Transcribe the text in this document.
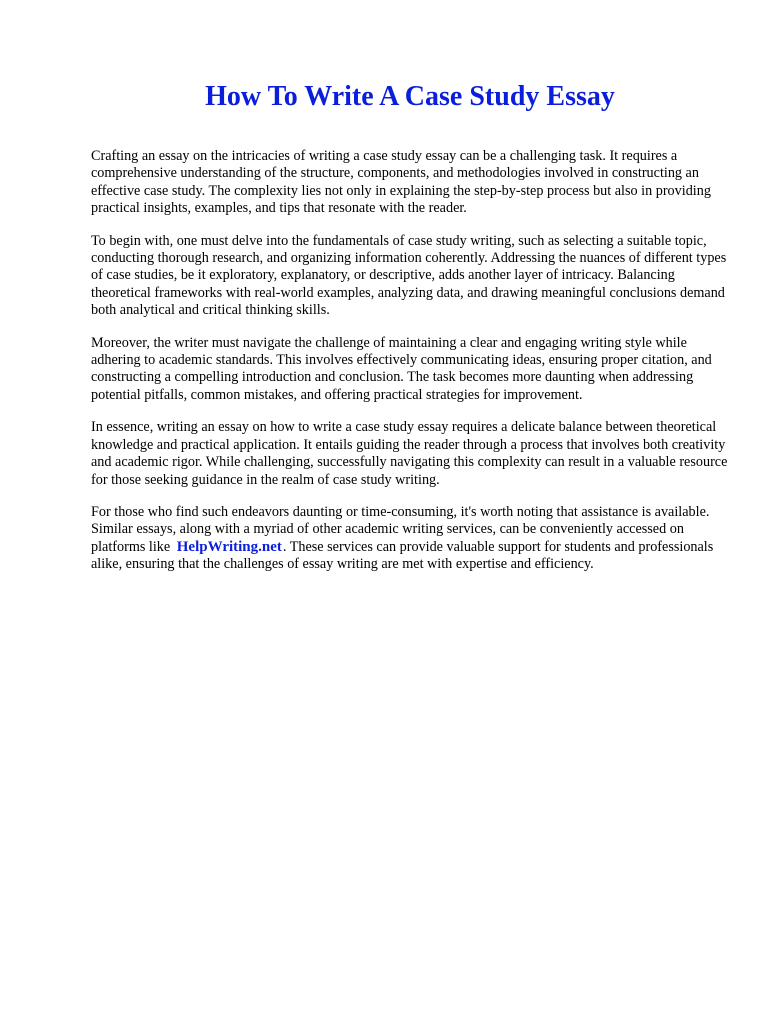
How To Write A Case Study Essay

Crafting an essay on the intricacies of writing a case study essay can be a challenging task. It requires a comprehensive understanding of the structure, components, and methodologies involved in constructing an effective case study. The complexity lies not only in explaining the step-by-step process but also in providing practical insights, examples, and tips that resonate with the reader.

To begin with, one must delve into the fundamentals of case study writing, such as selecting a suitable topic, conducting thorough research, and organizing information coherently. Addressing the nuances of different types of case studies, be it exploratory, explanatory, or descriptive, adds another layer of intricacy. Balancing theoretical frameworks with real-world examples, analyzing data, and drawing meaningful conclusions demand both analytical and critical thinking skills.

Moreover, the writer must navigate the challenge of maintaining a clear and engaging writing style while adhering to academic standards. This involves effectively communicating ideas, ensuring proper citation, and constructing a compelling introduction and conclusion. The task becomes more daunting when addressing potential pitfalls, common mistakes, and offering practical strategies for improvement.

In essence, writing an essay on how to write a case study essay requires a delicate balance between theoretical knowledge and practical application. It entails guiding the reader through a process that involves both creativity and academic rigor. While challenging, successfully navigating this complexity can result in a valuable resource for those seeking guidance in the realm of case study writing.

For those who find such endeavors daunting or time-consuming, it's worth noting that assistance is available. Similar essays, along with a myriad of other academic writing services, can be conveniently accessed on platforms like HelpWriting.net. These services can provide valuable support for students and professionals alike, ensuring that the challenges of essay writing are met with expertise and efficiency.
